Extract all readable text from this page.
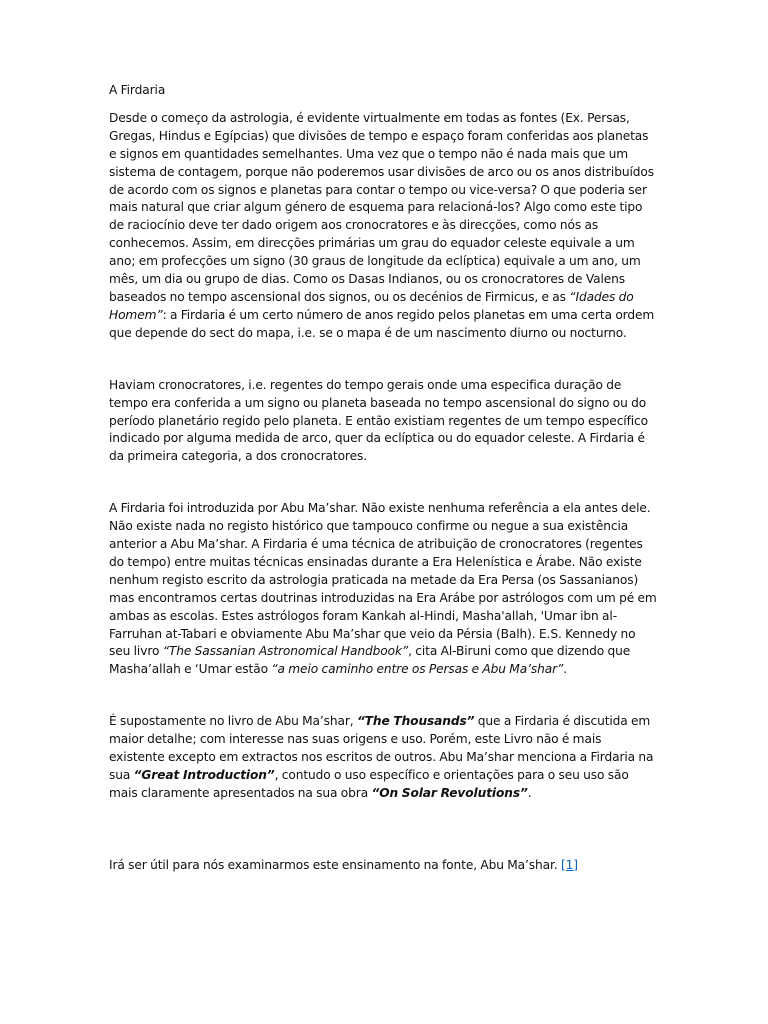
A Firdaria

Desde o começo da astrologia, é evidente virtualmente em todas as fontes (Ex. Persas, Gregas, Hindus e Egípcias) que divisões de tempo e espaço foram conferidas aos planetas e signos em quantidades semelhantes. Uma vez que o tempo não é nada mais que um sistema de contagem, porque não poderemos usar divisões de arco ou os anos distribuídos de acordo com os signos e planetas para contar o tempo ou vice-versa? O que poderia ser mais natural que criar algum género de esquema para relacioná-los? Algo como este tipo de raciocínio deve ter dado origem aos cronocratores e às direcções, como nós as conhecemos. Assim, em direcções primárias um grau do equador celeste equivale a um ano; em profecções um signo (30 graus de longitude da eclíptica) equivale a um ano, um mês, um dia ou grupo de dias. Como os Dasas Indianos, ou os cronocratores de Valens baseados no tempo ascensional dos signos, ou os decénios de Firmicus, e as “Idades do Homem”: a Firdaria é um certo número de anos regido pelos planetas em uma certa ordem que depende do sect do mapa, i.e. se o mapa é de um nascimento diurno ou nocturno.

Haviam cronocratores, i.e. regentes do tempo gerais onde uma especifica duração de tempo era conferida a um signo ou planeta baseada no tempo ascensional do signo ou do período planetário regido pelo planeta. E então existiam regentes de um tempo específico indicado por alguma medida de arco, quer da eclíptica ou do equador celeste. A Firdaria é da primeira categoria, a dos cronocratores.

A Firdaria foi introduzida por Abu Ma’shar. Não existe nenhuma referência a ela antes dele. Não existe nada no registo histórico que tampouco confirme ou negue a sua existência anterior a Abu Ma’shar. A Firdaria é uma técnica de atribuição de cronocratores (regentes do tempo) entre muitas técnicas ensinadas durante a Era Helenística e Árabe. Não existe nenhum registo escrito da astrologia praticada na metade da Era Persa (os Sassanianos) mas encontramos certas doutrinas introduzidas na Era Arábe por astrólogos com um pé em ambas as escolas. Estes astrólogos foram Kankah al-Hindi, Masha'allah, 'Umar ibn al-Farruhan at-Tabari e obviamente Abu Ma’shar que veio da Pérsia (Balh). E.S. Kennedy no seu livro “The Sassanian Astronomical Handbook”, cita Al-Biruni como que dizendo que Masha’allah e ‘Umar estão “a meio caminho entre os Persas e Abu Ma’shar”.

É supostamente no livro de Abu Ma’shar, “The Thousands” que a Firdaria é discutida em maior detalhe; com interesse nas suas origens e uso. Porém, este Livro não é mais existente excepto em extractos nos escritos de outros. Abu Ma’shar menciona a Firdaria na sua “Great Introduction”, contudo o uso específico e orientações para o seu uso são mais claramente apresentados na sua obra “On Solar Revolutions”.

Irá ser útil para nós examinarmos este ensinamento na fonte, Abu Ma’shar. [1]
